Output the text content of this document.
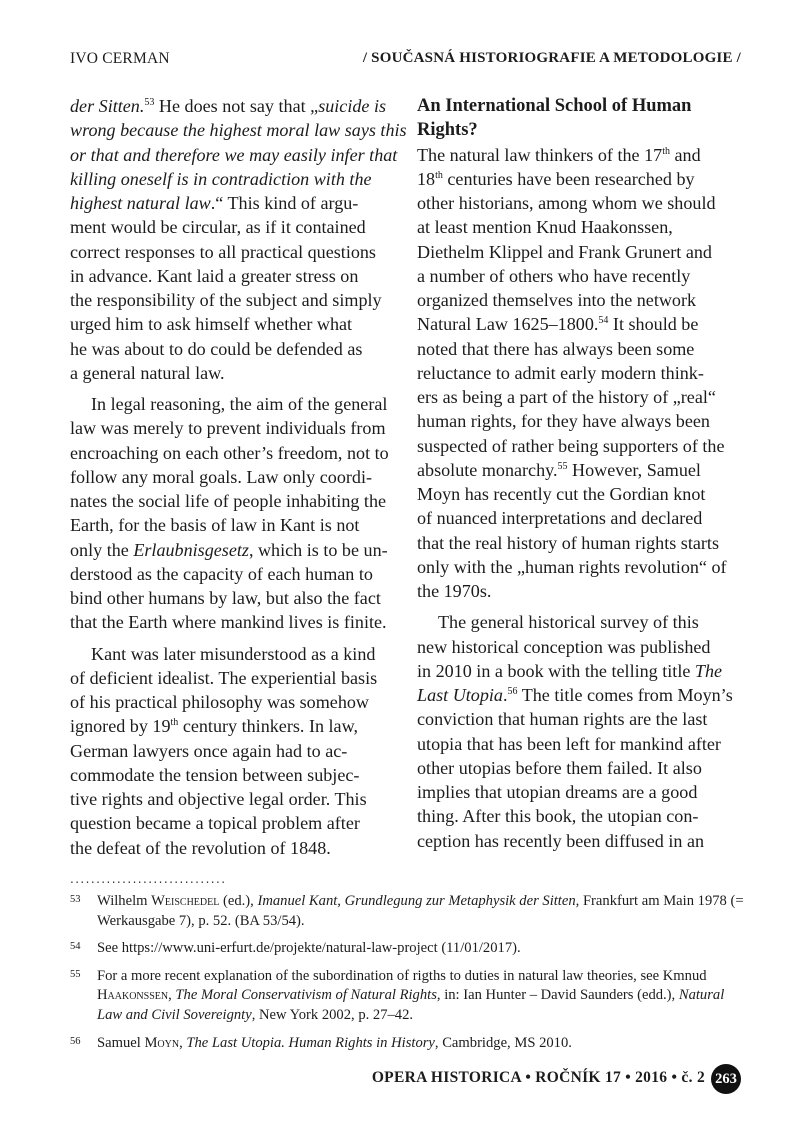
IVO CERMAN	/ SOUČASNÁ HISTORIOGRAFIE A METODOLOGIE /
der Sitten.$^{53}$ He does not say that „suicide is
wrong because the highest moral law says this
or that and therefore we may easily infer that
killing oneself is in contradiction with the
highest natural law.“ This kind of argu-
ment would be circular, as if it contained
correct responses to all practical questions
in advance. Kant laid a greater stress on
the responsibility of the subject and simply
urged him to ask himself whether what
he was about to do could be defended as
a general natural law.
In legal reasoning, the aim of the general
law was merely to prevent individuals from
encroaching on each other’s freedom, not to
follow any moral goals. Law only coordi-
nates the social life of people inhabiting the
Earth, for the basis of law in Kant is not
only the Erlaubnisgesetz, which is to be un-
derstood as the capacity of each human to
bind other humans by law, but also the fact
that the Earth where mankind lives is finite.
Kant was later misunderstood as a kind
of deficient idealist. The experiential basis
of his practical philosophy was somehow
ignored by 19th century thinkers. In law,
German lawyers once again had to ac-
commodate the tension between subjec-
tive rights and objective legal order. This
question became a topical problem after
the defeat of the revolution of 1848.
An International School of Human
Rights?
The natural law thinkers of the 17th and
18th centuries have been researched by
other historians, among whom we should
at least mention Knud Haakonssen,
Diethelm Klippel and Frank Grunert and
a number of others who have recently
organized themselves into the network
Natural Law 1625–1800.54 It should be
noted that there has always been some
reluctance to admit early modern think-
ers as being a part of the history of „real“
human rights, for they have always been
suspected of rather being supporters of the
absolute monarchy.$^{55}$ However, Samuel
Moyn has recently cut the Gordian knot
of nuanced interpretations and declared
that the real history of human rights starts
only with the „human rights revolution“ of
the 1970s.
The general historical survey of this
new historical conception was published
in 2010 in a book with the telling title The
Last Utopia.$^{56}$ The title comes from Moyn’s
conviction that human rights are the last
utopia that has been left for mankind after
other utopias before them failed. It also
implies that utopian dreams are a good
thing. After this book, the utopian con-
ception has recently been diffused in an
..............................
53 Wilhelm Weischedel (ed.), Imanuel Kant, Grundlegung zur Metaphysik der Sitten, Frankfurt am Main 1978 (= Werkausgabe 7), p. 52. (BA 53/54).
54 See https://www.uni-erfurt.de/projekte/natural-law-project (11/01/2017).
55 For a more recent explanation of the subordination of rigths to duties in natural law theories, see Kmnud Haakonssen, The Moral Conservativism of Natural Rights, in: Ian Hunter – David Saunders (edd.), Natural Law and Civil Sovereignty, New York 2002, p. 27–42.
56 Samuel Moyn, The Last Utopia. Human Rights in History, Cambridge, MS 2010.
OPERA HISTORICA • ROČNÍK 17 • 2016 • č. 2 263
